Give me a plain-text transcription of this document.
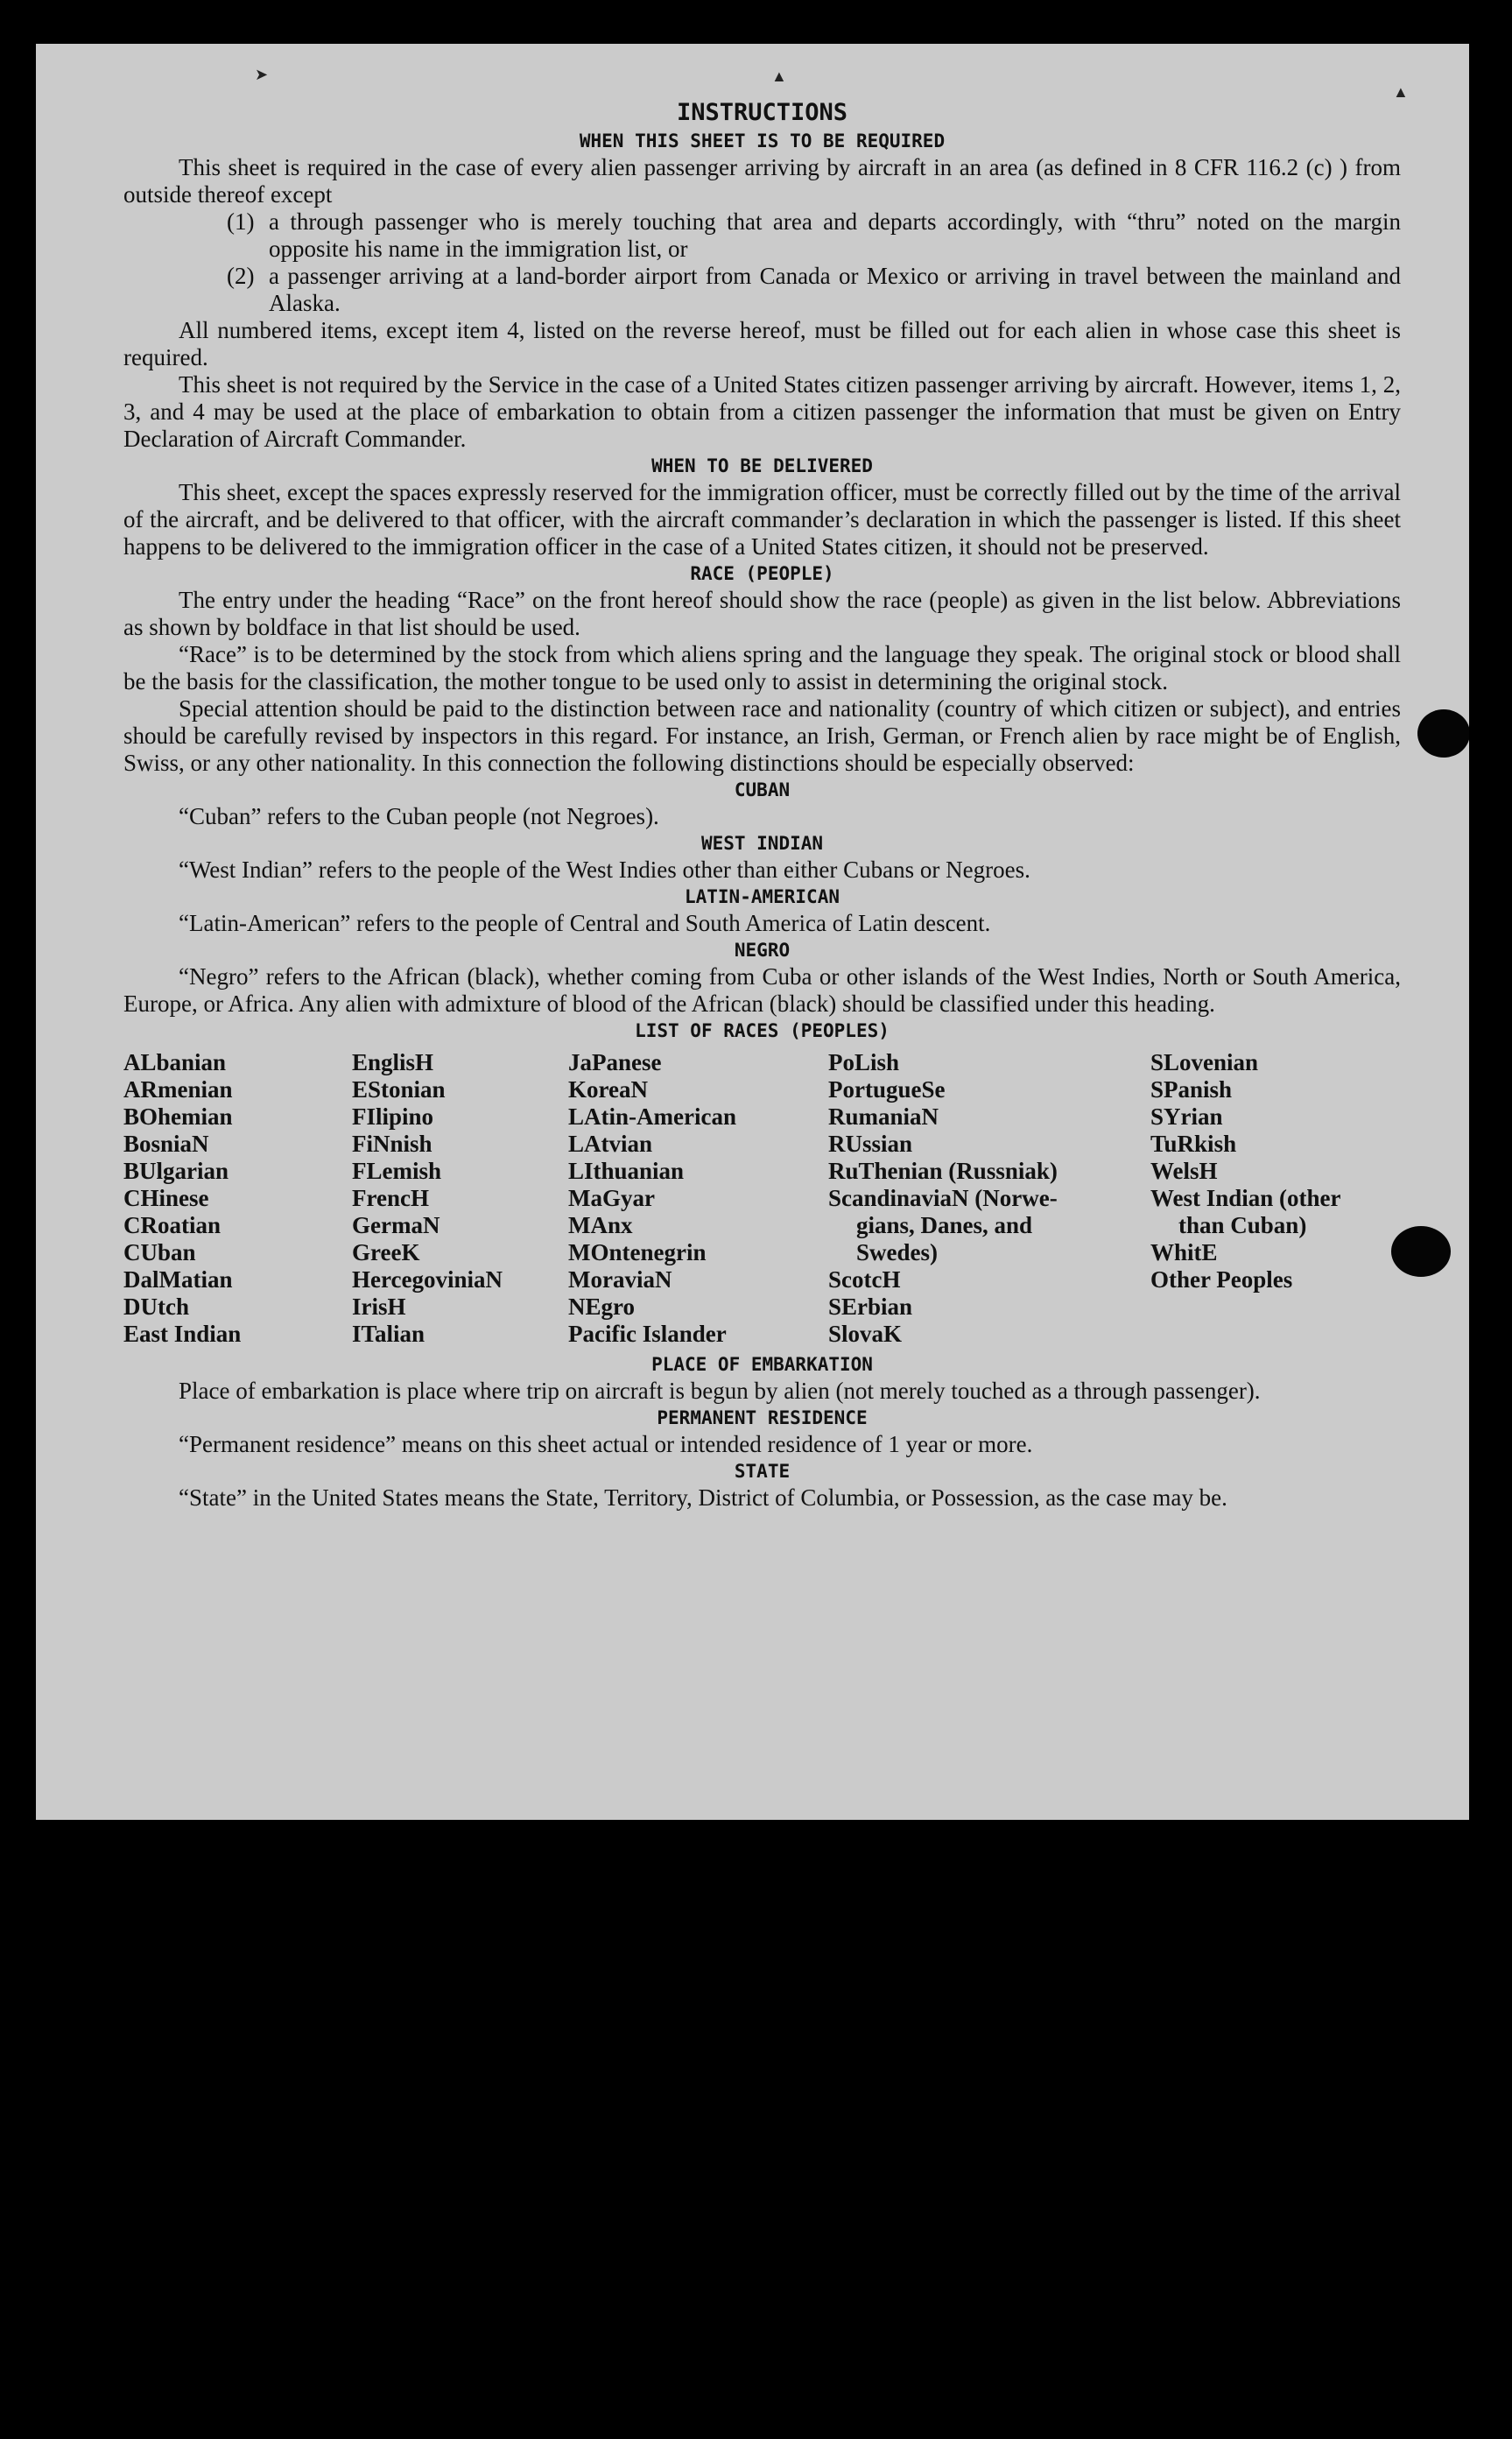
INSTRUCTIONS
WHEN THIS SHEET IS TO BE REQUIRED

This sheet is required in the case of every alien passenger arriving by aircraft in an area (as defined in 8 CFR 116.2 (c) ) from outside thereof except

(1) a through passenger who is merely touching that area and departs accordingly, with “thru” noted on the margin opposite his name in the immigration list, or
(2) a passenger arriving at a land-border airport from Canada or Mexico or arriving in travel between the mainland and Alaska.

All numbered items, except item 4, listed on the reverse hereof, must be filled out for each alien in whose case this sheet is required.

This sheet is not required by the Service in the case of a United States citizen passenger arriving by aircraft. However, items 1, 2, 3, and 4 may be used at the place of embarkation to obtain from a citizen passenger the information that must be given on Entry Declaration of Aircraft Commander.

WHEN TO BE DELIVERED

This sheet, except the spaces expressly reserved for the immigration officer, must be correctly filled out by the time of the arrival of the aircraft, and be delivered to that officer, with the aircraft commander’s declaration in which the passenger is listed. If this sheet happens to be delivered to the immigration officer in the case of a United States citizen, it should not be preserved.

RACE (PEOPLE)

The entry under the heading “Race” on the front hereof should show the race (people) as given in the list below. Abbreviations as shown by boldface in that list should be used.

“Race” is to be determined by the stock from which aliens spring and the language they speak. The original stock or blood shall be the basis for the classification, the mother tongue to be used only to assist in determining the original stock.

Special attention should be paid to the distinction between race and nationality (country of which citizen or subject), and entries should be carefully revised by inspectors in this regard. For instance, an Irish, German, or French alien by race might be of English, Swiss, or any other nationality. In this connection the following distinctions should be especially observed:

CUBAN

“Cuban” refers to the Cuban people (not Negroes).

WEST INDIAN

“West Indian” refers to the people of the West Indies other than either Cubans or Negroes.

LATIN-AMERICAN

“Latin-American” refers to the people of Central and South America of Latin descent.

NEGRO

“Negro” refers to the African (black), whether coming from Cuba or other islands of the West Indies, North or South America, Europe, or Africa. Any alien with admixture of blood of the African (black) should be classified under this heading.

LIST OF RACES (PEOPLES)
ALbanian
ARmenian
BOhemian
BosniaN
BUlgarian
CHinese
CRoatian
CUban
DalMatian
DUtch
East Indian
EnglisH
EStonian
FIlipino
FiNnish
FLemish
FrencH
GermaN
GreeK
HercegoviniaN
IrisH
ITalian
JaPanese
KoreaN
LAtin-American
LAtvian
LIthuanian
MaGyar
MAnx
MOntenegrin
MoraviaN
NEgro
Pacific Islander
PoLish
PortugueSe
RumaniaN
RUssian
RuThenian (Russniak)
ScandinaviaN (Norwe-
gians, Danes, and
Swedes)
ScotcH
SErbian
SlovaK
SLovenian
SPanish
SYrian
TuRkish
WelsH
West Indian (other
than Cuban)
WhitE
Other Peoples
PLACE OF EMBARKATION

Place of embarkation is place where trip on aircraft is begun by alien (not merely touched as a through passenger).

PERMANENT RESIDENCE

“Permanent residence” means on this sheet actual or intended residence of 1 year or more.

STATE

“State” in the United States means the State, Territory, District of Columbia, or Possession, as the case may be.

➤	▲
▲
